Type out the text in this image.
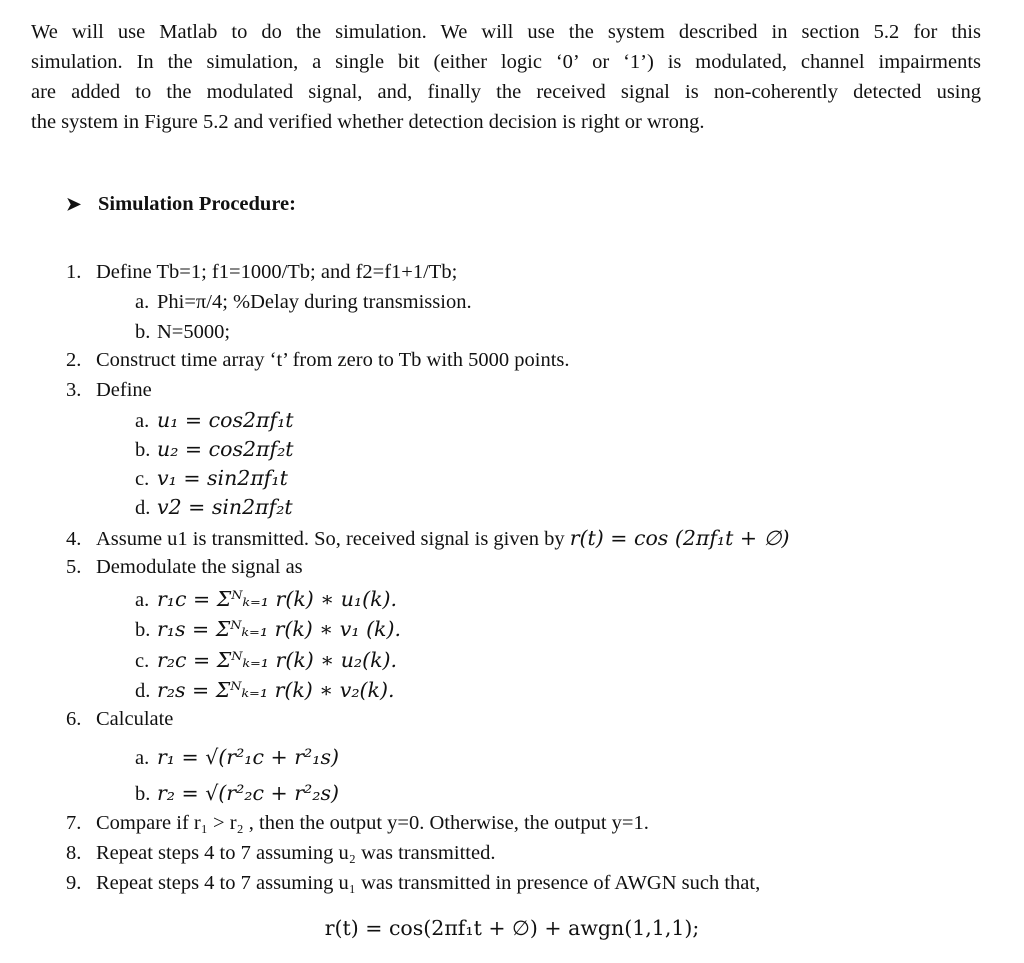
We will use Matlab to do the simulation. We will use the system described in section 5.2 for this
simulation. In the simulation, a single bit (either logic ‘0’ or ‘1’) is modulated, channel impairments
are added to the modulated signal, and, finally the received signal is non-coherently detected using
the system in Figure 5.2 and verified whether detection decision is right or wrong.
➤ Simulation Procedure:
1. Define Tb=1; f1=1000/Tb; and f2=f1+1/Tb;
a. Phi=π/4; %Delay during transmission.
b. N=5000;
2. Construct time array ‘t’ from zero to Tb with 5000 points.
3. Define
a. u₁ = cos2πf₁t
b. u₂ = cos2πf₂t
c. v₁ = sin2πf₁t
d. v2 = sin2πf₂t
4. Assume u1 is transmitted. So, received signal is given by r(t) = cos (2πf₁t + ∅)
5. Demodulate the signal as
a. r₁c = Σᴺₖ₌₁ r(k) ∗ u₁(k).
b. r₁s = Σᴺₖ₌₁ r(k) ∗ v₁ (k).
c. r₂c = Σᴺₖ₌₁ r(k) ∗ u₂(k).
d. r₂s = Σᴺₖ₌₁ r(k) ∗ v₂(k).
6. Calculate
a. r₁ = √(r²₁c + r²₁s)
b. r₂ = √(r²₂c + r²₂s)
7. Compare if r₁ > r₂ , then the output y=0. Otherwise, the output y=1.
8. Repeat steps 4 to 7 assuming u₂ was transmitted.
9. Repeat steps 4 to 7 assuming u₁ was transmitted in presence of AWGN such that,
r(t) = cos(2πf₁t + ∅) + awgn(1,1,1);
